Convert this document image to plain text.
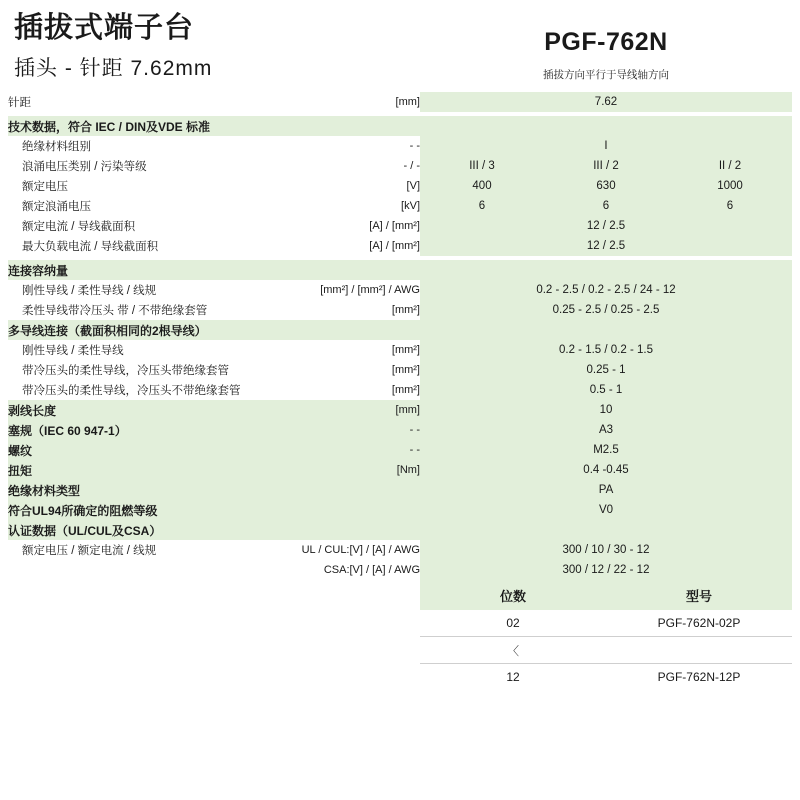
插拔式端子台
插头 - 针距 7.62mm
PGF-762N
插拔方向平行于导线轴方向
针距	[mm]	7.62

技术数据，符合 IEC / DIN及VDE 标准		
绝缘材料组别	- -	I
浪涌电压类别 / 污染等级	- / -	III / 3 III / 2 II / 2

额定电压	[V]	400 630 1000

额定浪涌电压	[kV]	6 6 6

额定电流 / 导线截面积	[A] / [mm²]	12 / 2.5
最大负载电流 / 导线截面积	[A] / [mm²]	12 / 2.5

连接容纳量		
刚性导线 / 柔性导线 / 线规	[mm²] / [mm²] / AWG	0.2 - 2.5 / 0.2 - 2.5 / 24 - 12
柔性导线带冷压头 带 / 不带绝缘套管	[mm²]	0.25 - 2.5 / 0.25 - 2.5
多导线连接（截面积相同的2根导线）		
刚性导线 / 柔性导线	[mm²]	0.2 - 1.5 / 0.2 - 1.5
带冷压头的柔性导线，冷压头带绝缘套管	[mm²]	0.25 - 1
带冷压头的柔性导线，冷压头不带绝缘套管	[mm²]	0.5 - 1
剥线长度	[mm]	10
塞规（IEC 60 947-1）	- -	A3
螺纹	- -	M2.5
扭矩	[Nm]	0.4 -0.45
绝缘材料类型		PA
符合UL94所确定的阻燃等级		V0
认证数据（UL/CUL及CSA）		
额定电压 / 额定电流 / 线规	UL / CUL:[V] / [A] / AWG	300 / 10 / 30 - 12
	CSA:[V] / [A] / AWG	300 / 12 / 22 - 12
位数	型号
02	PGF-762N-02P
〈	
12	PGF-762N-12P
